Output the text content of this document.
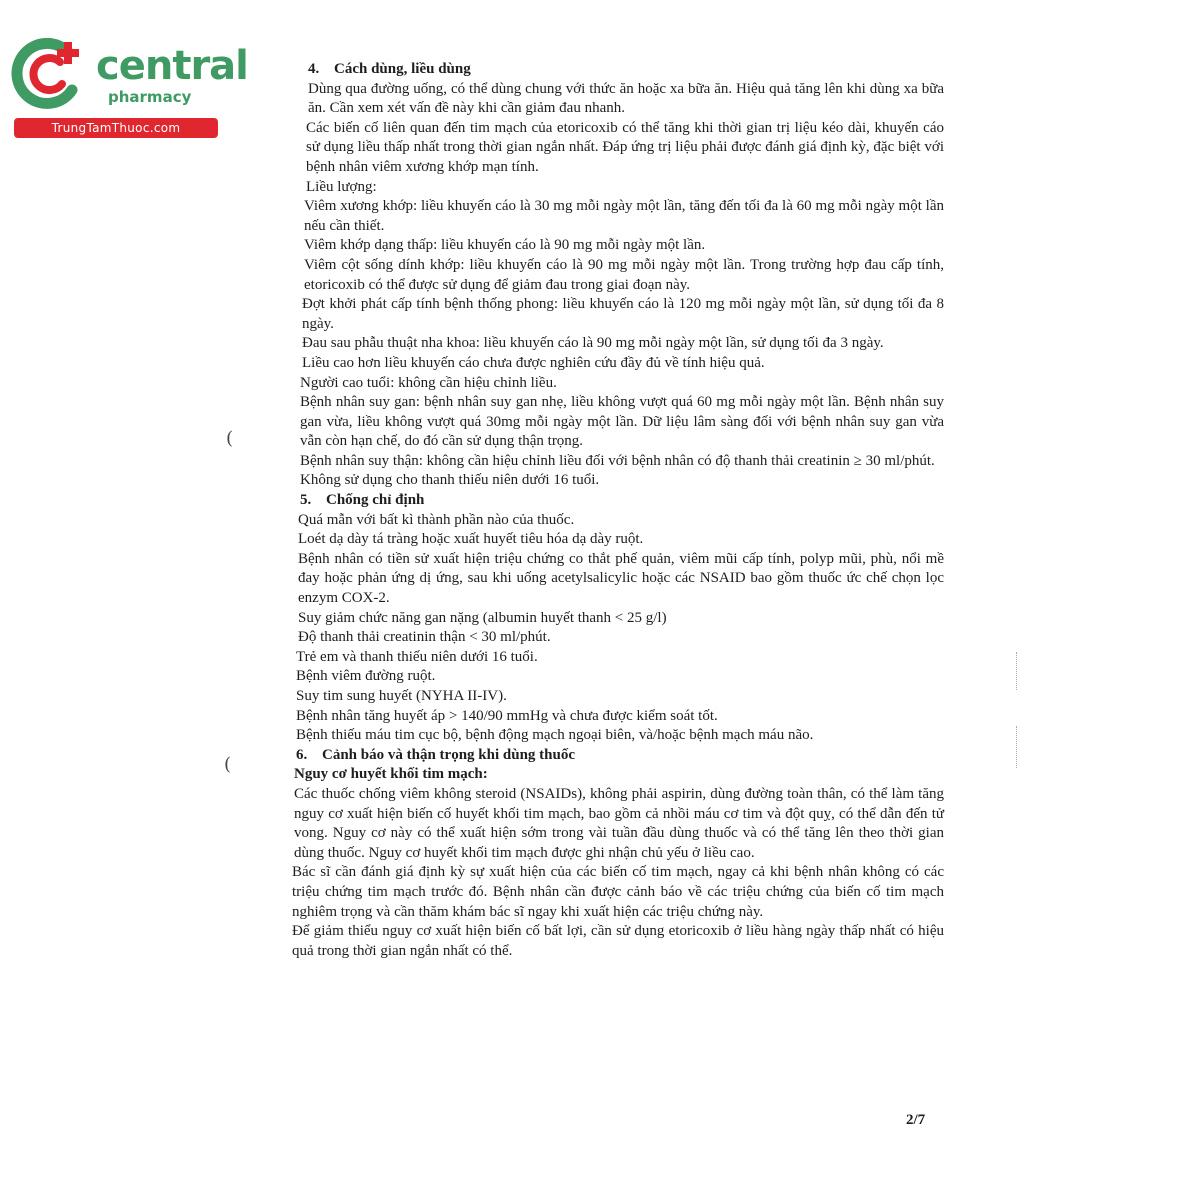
central
pharmacy
TrungTamThuoc.com
4. Cách dùng, liều dùng

Dùng qua đường uống, có thể dùng chung với thức ăn hoặc xa bữa ăn. Hiệu quả tăng lên khi dùng xa bữa ăn. Cần xem xét vấn đề này khi cần giảm đau nhanh.

Các biến cố liên quan đến tim mạch của etoricoxib có thể tăng khi thời gian trị liệu kéo dài, khuyến cáo sử dụng liều thấp nhất trong thời gian ngắn nhất. Đáp ứng trị liệu phải được đánh giá định kỳ, đặc biệt với bệnh nhân viêm xương khớp mạn tính.

Liều lượng:

Viêm xương khớp: liều khuyến cáo là 30 mg mỗi ngày một lần, tăng đến tối đa là 60 mg mỗi ngày một lần nếu cần thiết.

Viêm khớp dạng thấp: liều khuyến cáo là 90 mg mỗi ngày một lần.

Viêm cột sống dính khớp: liều khuyến cáo là 90 mg mỗi ngày một lần. Trong trường hợp đau cấp tính, etoricoxib có thể được sử dụng để giảm đau trong giai đoạn này.

Đợt khởi phát cấp tính bệnh thống phong: liều khuyến cáo là 120 mg mỗi ngày một lần, sử dụng tối đa 8 ngày.

Đau sau phẫu thuật nha khoa: liều khuyến cáo là 90 mg mỗi ngày một lần, sử dụng tối đa 3 ngày.

Liều cao hơn liều khuyến cáo chưa được nghiên cứu đầy đủ về tính hiệu quả.

Người cao tuổi: không cần hiệu chỉnh liều.

Bệnh nhân suy gan: bệnh nhân suy gan nhẹ, liều không vượt quá 60 mg mỗi ngày một lần. Bệnh nhân suy gan vừa, liều không vượt quá 30mg mỗi ngày một lần. Dữ liệu lâm sàng đối với bệnh nhân suy gan vừa vẫn còn hạn chế, do đó cần sử dụng thận trọng.

Bệnh nhân suy thận: không cần hiệu chỉnh liều đối với bệnh nhân có độ thanh thải creatinin ≥ 30 ml/phút.

Không sử dụng cho thanh thiếu niên dưới 16 tuổi.

5. Chống chỉ định

Quá mẫn với bất kì thành phần nào của thuốc.

Loét dạ dày tá tràng hoặc xuất huyết tiêu hóa dạ dày ruột.

Bệnh nhân có tiền sử xuất hiện triệu chứng co thắt phế quản, viêm mũi cấp tính, polyp mũi, phù, nổi mề đay hoặc phản ứng dị ứng, sau khi uống acetylsalicylic hoặc các NSAID bao gồm thuốc ức chế chọn lọc enzym COX-2.

Suy giảm chức năng gan nặng (albumin huyết thanh < 25 g/l)

Độ thanh thải creatinin thận < 30 ml/phút.

Trẻ em và thanh thiếu niên dưới 16 tuổi.

Bệnh viêm đường ruột.

Suy tim sung huyết (NYHA II-IV).

Bệnh nhân tăng huyết áp > 140/90 mmHg và chưa được kiểm soát tốt.

Bệnh thiếu máu tim cục bộ, bệnh động mạch ngoại biên, và/hoặc bệnh mạch máu não.

6. Cảnh báo và thận trọng khi dùng thuốc
Nguy cơ huyết khối tim mạch:

Các thuốc chống viêm không steroid (NSAIDs), không phải aspirin, dùng đường toàn thân, có thể làm tăng nguy cơ xuất hiện biến cố huyết khối tim mạch, bao gồm cả nhồi máu cơ tim và đột quỵ, có thể dẫn đến tử vong. Nguy cơ này có thể xuất hiện sớm trong vài tuần đầu dùng thuốc và có thể tăng lên theo thời gian dùng thuốc. Nguy cơ huyết khối tim mạch được ghi nhận chủ yếu ở liều cao.

Bác sĩ cần đánh giá định kỳ sự xuất hiện của các biến cố tim mạch, ngay cả khi bệnh nhân không có các triệu chứng tim mạch trước đó. Bệnh nhân cần được cảnh báo về các triệu chứng của biến cố tim mạch nghiêm trọng và cần thăm khám bác sĩ ngay khi xuất hiện các triệu chứng này.

Để giảm thiểu nguy cơ xuất hiện biến cố bất lợi, cần sử dụng etoricoxib ở liều hàng ngày thấp nhất có hiệu quả trong thời gian ngắn nhất có thể.

(
(
2/7
